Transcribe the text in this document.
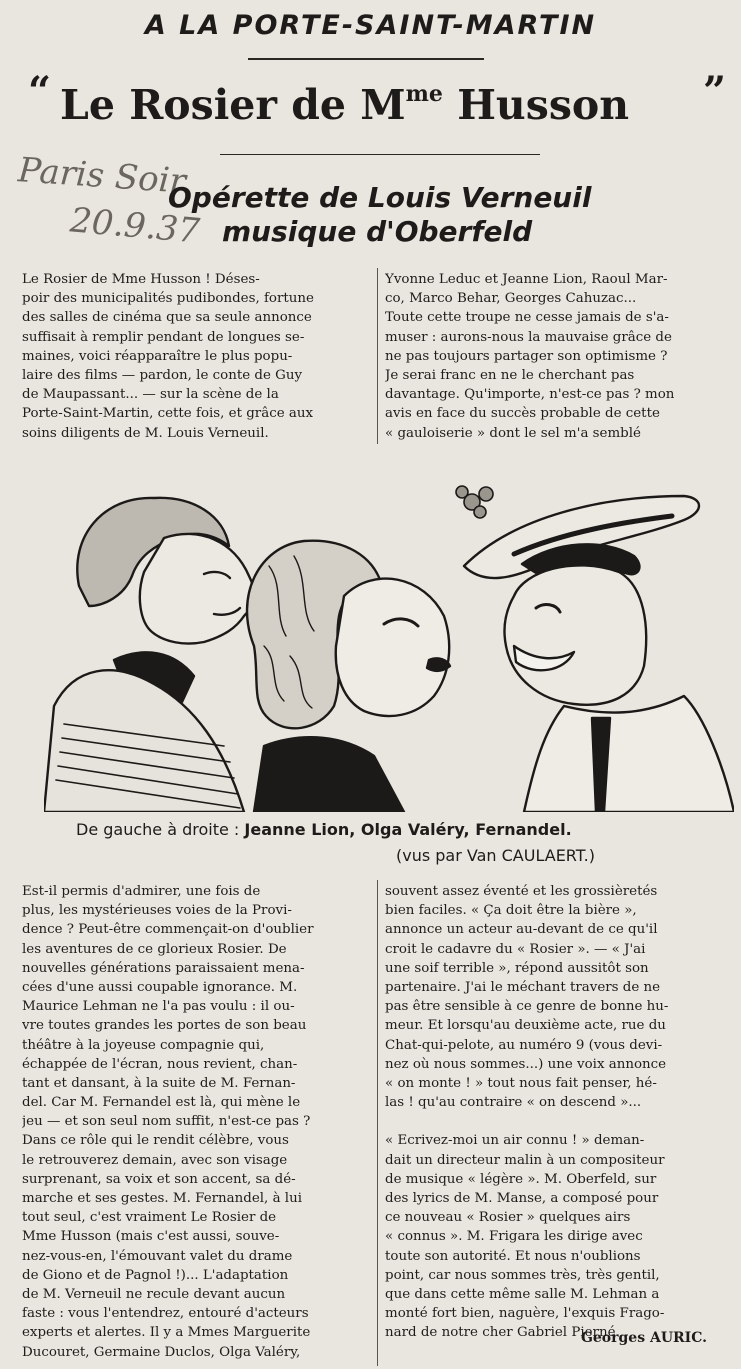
A LA PORTE-SAINT-MARTIN
“ Le Rosier de $M^{me}$ Husson	”
Paris Soir
20.9.37
Opérette de Louis Verneuil
musique d'Oberfeld
Le Rosier de Mme Husson ! Déses-
poir des municipalités pudibondes, fortune
des salles de cinéma que sa seule annonce
suffisait à remplir pendant de longues se-
maines, voici réapparaître le plus popu-
laire des films — pardon, le conte de Guy
de Maupassant... — sur la scène de la
Porte-Saint-Martin, cette fois, et grâce aux
soins diligents de M. Louis Verneuil.
Yvonne Leduc et Jeanne Lion, Raoul Mar-
co, Marco Behar, Georges Cahuzac...
Toute cette troupe ne cesse jamais de s'a-
muser : aurons-nous la mauvaise grâce de
ne pas toujours partager son optimisme ?
Je serai franc en ne le cherchant pas
davantage. Qu'importe, n'est-ce pas ? mon
avis en face du succès probable de cette
« gauloiserie » dont le sel m'a semblé
De gauche à droite : Jeanne Lion, Olga Valéry, Fernandel.
(vus par Van CAULAERT.)
Est-il permis d'admirer, une fois de
plus, les mystérieuses voies de la Provi-
dence ? Peut-être commençait-on d'oublier
les aventures de ce glorieux Rosier. De
nouvelles générations paraissaient mena-
cées d'une aussi coupable ignorance. M.
Maurice Lehman ne l'a pas voulu : il ou-
vre toutes grandes les portes de son beau
théâtre à la joyeuse compagnie qui,
échappée de l'écran, nous revient, chan-
tant et dansant, à la suite de M. Fernan-
del. Car M. Fernandel est là, qui mène le
jeu — et son seul nom suffit, n'est-ce pas ?
Dans ce rôle qui le rendit célèbre, vous
le retrouverez demain, avec son visage
surprenant, sa voix et son accent, sa dé-
marche et ses gestes. M. Fernandel, à lui
tout seul, c'est vraiment Le Rosier de
Mme Husson (mais c'est aussi, souve-
nez-vous-en, l'émouvant valet du drame
de Giono et de Pagnol !)... L'adaptation
de M. Verneuil ne recule devant aucun
faste : vous l'entendrez, entouré d'acteurs
experts et alertes. Il y a Mmes Marguerite
Ducouret, Germaine Duclos, Olga Valéry,
souvent assez éventé et les grossièretés
bien faciles. « Ça doit être la bière »,
annonce un acteur au-devant de ce qu'il
croit le cadavre du « Rosier ». — « J'ai
une soif terrible », répond aussitôt son
partenaire. J'ai le méchant travers de ne
pas être sensible à ce genre de bonne hu-
meur. Et lorsqu'au deuxième acte, rue du
Chat-qui-pelote, au numéro 9 (vous devi-
nez où nous sommes...) une voix annonce
« on monte ! » tout nous fait penser, hé-
las ! qu'au contraire « on descend »...
« Ecrivez-moi un air connu ! » deman-
dait un directeur malin à un compositeur
de musique « légère ». M. Oberfeld, sur
des lyrics de M. Manse, a composé pour
ce nouveau « Rosier » quelques airs
« connus ». M. Frigara les dirige avec
toute son autorité. Et nous n'oublions
point, car nous sommes très, très gentil,
que dans cette même salle M. Lehman a
monté fort bien, naguère, l'exquis Frago-
nard de notre cher Gabriel Pierné.
Georges AURIC.
